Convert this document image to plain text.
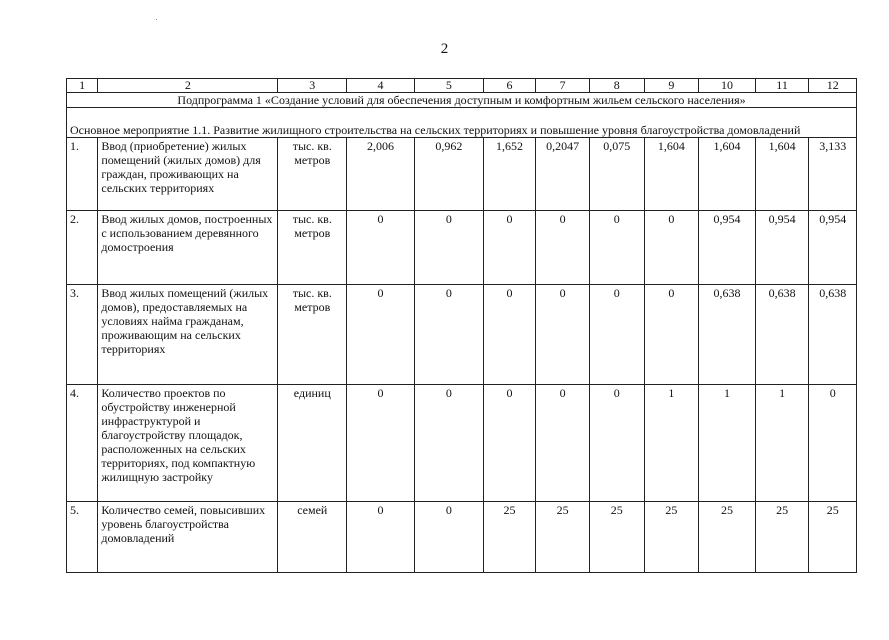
2
1	2	3	4	5	6	7	8	9	10	11	12
Подпрограмма 1 «Создание условий для обеспечения доступным и комфортным жильем сельского населения»											
Основное мероприятие 1.1. Развитие жилищного строительства на сельских территориях и повышение уровня благоустройства домовладений											
1.	Ввод (приобретение) жилых помещений (жилых домов) для граждан, проживающих на сельских территориях	тыс. кв. метров	2,006	0,962	1,652	0,2047	0,075	1,604	1,604	1,604	3,133
2.	Ввод жилых домов, построенных с использованием деревянного домостроения	тыс. кв. метров	0	0	0	0	0	0	0,954	0,954	0,954
3.	Ввод жилых помещений (жилых домов), предоставляемых на условиях найма гражданам, проживающим на сельских территориях	тыс. кв. метров	0	0	0	0	0	0	0,638	0,638	0,638
4.	Количество проектов по обустройству инженерной инфраструктурой и благоустройству площадок, расположенных на сельских территориях, под компактную жилищную застройку	единиц	0	0	0	0	0	1	1	1	0
5.	Количество семей, повысивших уровень благоустройства домовладений	семей	0	0	25	25	25	25	25	25	25
